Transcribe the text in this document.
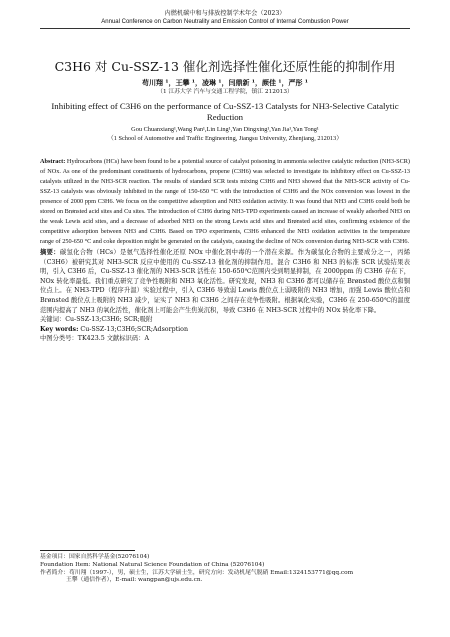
内燃机碳中和与排放控制学术年会（2023）
Annual Conference on Carbon Neutrality and Emission Control of Internal Combustion Power
C3H6 对 Cu-SSZ-13 催化剂选择性催化还原性能的抑制作用
苟川翔 ¹，王攀 ¹，凌琳 ¹，闫鼎新 ¹，颜佳 ¹，严彤 ¹
（1 江苏大学 汽车与交通工程学院，镇江 212013）
Inhibiting effect of C3H6 on the performance of Cu-SSZ-13 Catalysts for NH3-Selective Catalytic Reduction
Gou Chuanxiang¹,Wang Pan¹,Lin Ling¹,Yan Dingxing¹,Yan Jia¹,Yan Tong¹
（1 School of Automotive and Traffic Engineering, Jiangsu University, Zhenjiang, 212013）
Abstract: Hydrocarbons (HCs) have been found to be a potential source of catalyst poisoning in ammonia selective catalytic reduction (NH3-SCR) of NOx. As one of the predominant constituents of hydrocarbons, propene (C3H6) was selected to investigate its inhibitory effect on Cu-SSZ-13 catalysts utilized in the NH3-SCR reaction. The results of standard SCR tests mixing C3H6 and NH3 showed that the NH3-SCR activity of Cu-SSZ-13 catalysts was obviously inhibited in the range of 150-650 °C with the introduction of C3H6 and the NOx conversion was lowest in the presence of 2000 ppm C3H6. We focus on the competitive adsorption and NH3 oxidation activity. It was found that NH3 and C3H6 could both be stored on Brønsted acid sites and Cu sites. The introduction of C3H6 during NH3-TPD experiments caused an increase of weakly adsorbed NH3 on the weak Lewis acid sites, and a decrease of adsorbed NH3 on the strong Lewis acid sites and Brønsted acid sites, confirming existence of the competitive adsorption between NH3 and C3H6. Based on TPO experiments, C3H6 enhanced the NH3 oxidation activities in the temperature range of 250-650 °C and coke deposition might be generated on the catalysts, causing the decline of NOx conversion during NH3-SCR with C3H6.
摘要：碳氢化合物（HCs）是氨气选择性催化还原 NOx 中催化剂中毒的一个潜在来源。作为碳氢化合物的主要成分之一，丙烯（C3H6）被研究其对 NH3-SCR 反应中使用的 Cu-SSZ-13 催化剂的抑制作用。混合 C3H6 和 NH3 的标准 SCR 试验结果表明，引入 C3H6 后，Cu-SSZ-13 催化剂的 NH3-SCR 活性在 150-650℃范围内受到明显抑制，在 2000ppm 的 C3H6 存在下，NOx 转化率最低。我们重点研究了竞争性吸附和 NH3 氧化活性。研究发现，NH3 和 C3H6 都可以储存在 Brønsted 酸位点和铜位点上。在 NH3-TPD（程序升温）实验过程中，引入 C3H6 导致弱 Lewis 酸位点上弱吸附的 NH3 增加，而强 Lewis 酸位点和 Brønsted 酸位点上吸附的 NH3 减少，证实了 NH3 和 C3H6 之间存在竞争性吸附。根据氧化实验，C3H6 在 250-650℃的温度范围内提高了 NH3 的氧化活性，催化剂上可能会产生焦炭沉积，导致 C3H6 在 NH3-SCR 过程中的 NOx 转化率下降。
关键词：Cu-SSZ-13;C3H6; SCR;吸附
Key words: Cu-SSZ-13;C3H6;SCR;Adsorption
中图分类号：TK423.5 文献标识码：A
基金项目：国家自然科学基金(52076104)
Foundation Item: National Natural Science Foundation of China (52076104)
作者简介：苟川翔（1997-），男，硕士生，江苏大学硕士生，研究方向：发动机尾气脱硝 Email:1324153771@qq.com
王攀（通信作者），E-mail: wangpan@ujs.edu.cn.
